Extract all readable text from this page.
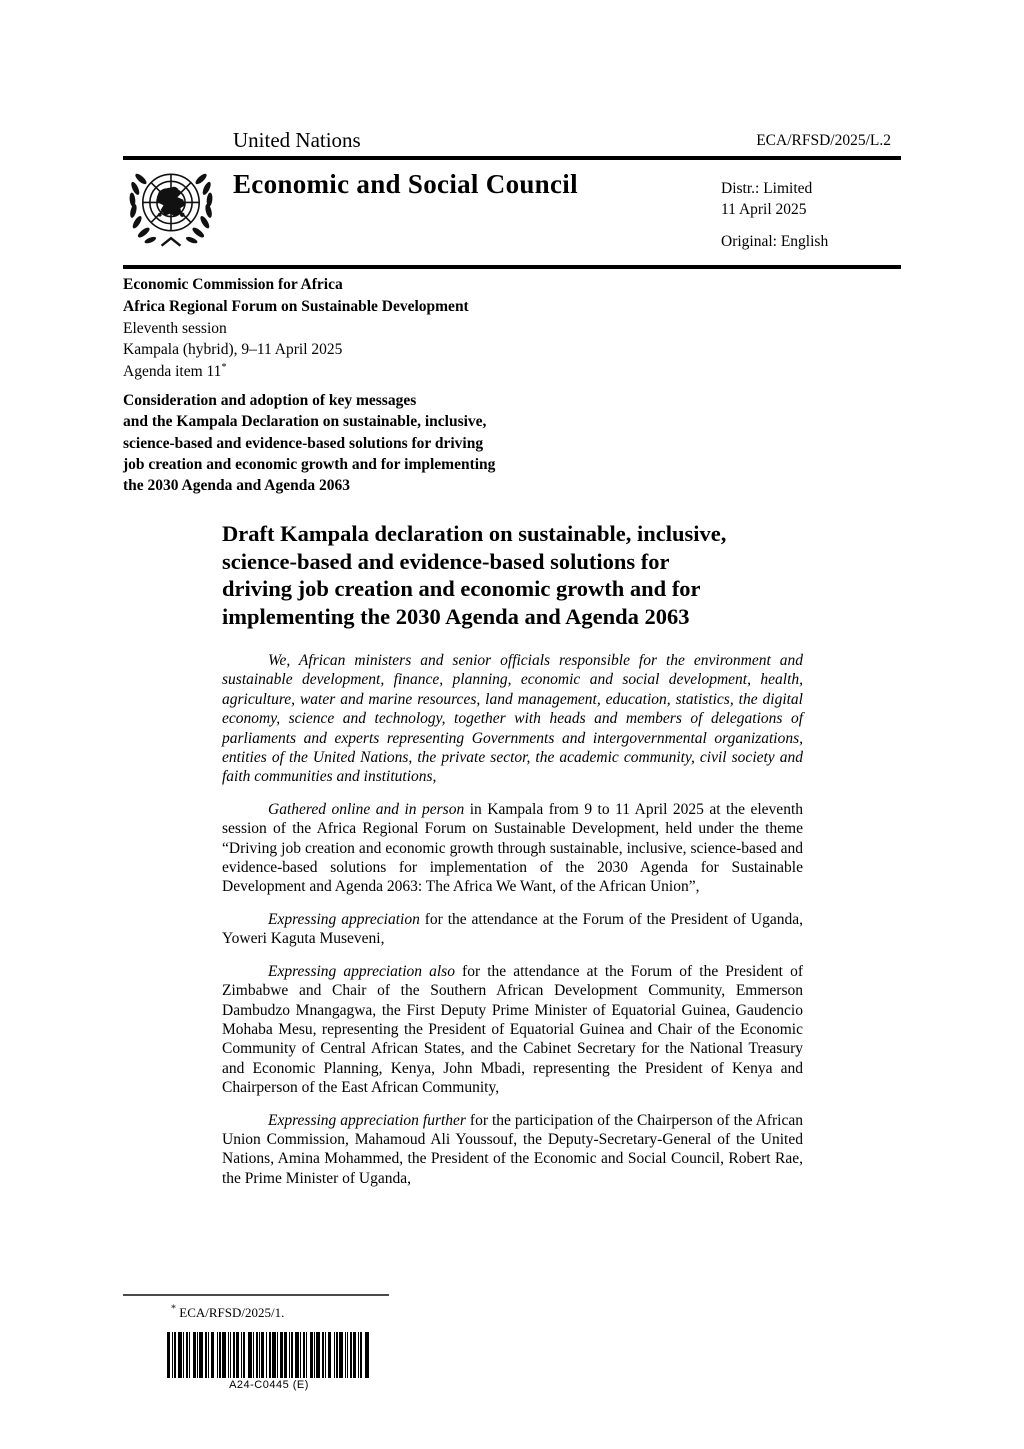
United Nations	ECA/RFSD/2025/L.2
Economic and Social Council	Distr.: Limited
11 April 2025
Original: English
Economic Commission for Africa
Africa Regional Forum on Sustainable Development
Eleventh session
Kampala (hybrid), 9–11 April 2025
Agenda item 11*
Consideration and adoption of key messages
and the Kampala Declaration on sustainable, inclusive,
science-based and evidence-based solutions for driving
job creation and economic growth and for implementing
the 2030 Agenda and Agenda 2063
Draft Kampala declaration on sustainable, inclusive,
science-based and evidence-based solutions for
driving job creation and economic growth and for
implementing the 2030 Agenda and Agenda 2063

We, African ministers and senior officials responsible for the environment and sustainable development, finance, planning, economic and social development, health, agriculture, water and marine resources, land management, education, statistics, the digital economy, science and technology, together with heads and members of delegations of parliaments and experts representing Governments and intergovernmental organizations, entities of the United Nations, the private sector, the academic community, civil society and faith communities and institutions,

Gathered online and in person in Kampala from 9 to 11 April 2025 at the eleventh session of the Africa Regional Forum on Sustainable Development, held under the theme “Driving job creation and economic growth through sustainable, inclusive, science-based and evidence-based solutions for implementation of the 2030 Agenda for Sustainable Development and Agenda 2063: The Africa We Want, of the African Union”,

Expressing appreciation for the attendance at the Forum of the President of Uganda, Yoweri Kaguta Museveni,

Expressing appreciation also for the attendance at the Forum of the President of Zimbabwe and Chair of the Southern African Development Community, Emmerson Dambudzo Mnangagwa, the First Deputy Prime Minister of Equatorial Guinea, Gaudencio Mohaba Mesu, representing the President of Equatorial Guinea and Chair of the Economic Community of Central African States, and the Cabinet Secretary for the National Treasury and Economic Planning, Kenya, John Mbadi, representing the President of Kenya and Chairperson of the East African Community,

Expressing appreciation further for the participation of the Chairperson of the African Union Commission, Mahamoud Ali Youssouf, the Deputy-Secretary-General of the United Nations, Amina Mohammed, the President of the Economic and Social Council, Robert Rae, the Prime Minister of Uganda,

* ECA/RFSD/2025/1.
A24-C0445 (E)
